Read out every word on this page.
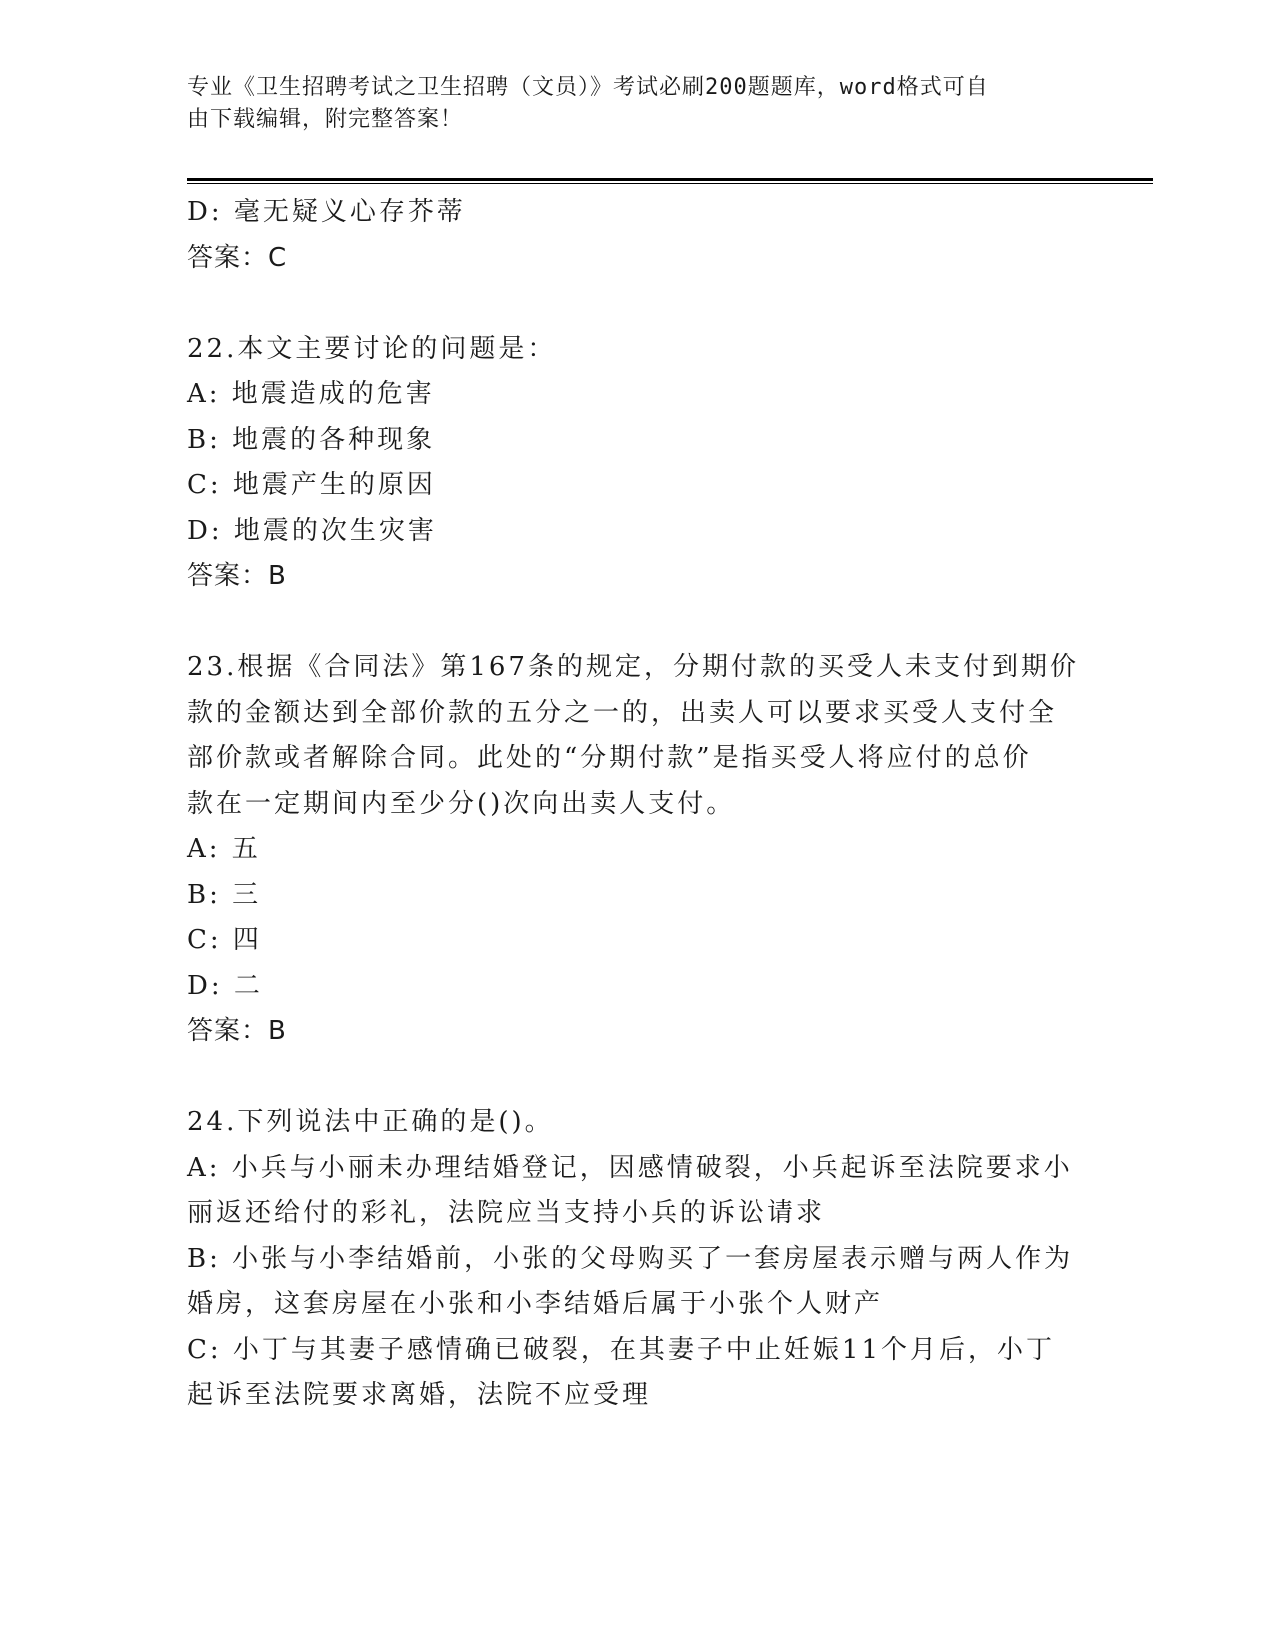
专业《卫生招聘考试之卫生招聘（文员）》考试必刷200题题库，word格式可自
由下载编辑，附完整答案！
D: 毫无疑义心存芥蒂
答案：C
22.本文主要讨论的问题是：
A: 地震造成的危害
B: 地震的各种现象
C: 地震产生的原因
D: 地震的次生灾害
答案：B
23.根据《合同法》第167条的规定，分期付款的买受人未支付到期价
款的金额达到全部价款的五分之一的，出卖人可以要求买受人支付全
部价款或者解除合同。此处的“分期付款”是指买受人将应付的总价
款在一定期间内至少分()次向出卖人支付。
A: 五
B: 三
C: 四
D: 二
答案：B
24.下列说法中正确的是()。
A: 小兵与小丽未办理结婚登记，因感情破裂，小兵起诉至法院要求小
丽返还给付的彩礼，法院应当支持小兵的诉讼请求
B: 小张与小李结婚前，小张的父母购买了一套房屋表示赠与两人作为
婚房，这套房屋在小张和小李结婚后属于小张个人财产
C: 小丁与其妻子感情确已破裂，在其妻子中止妊娠11个月后，小丁
起诉至法院要求离婚，法院不应受理
